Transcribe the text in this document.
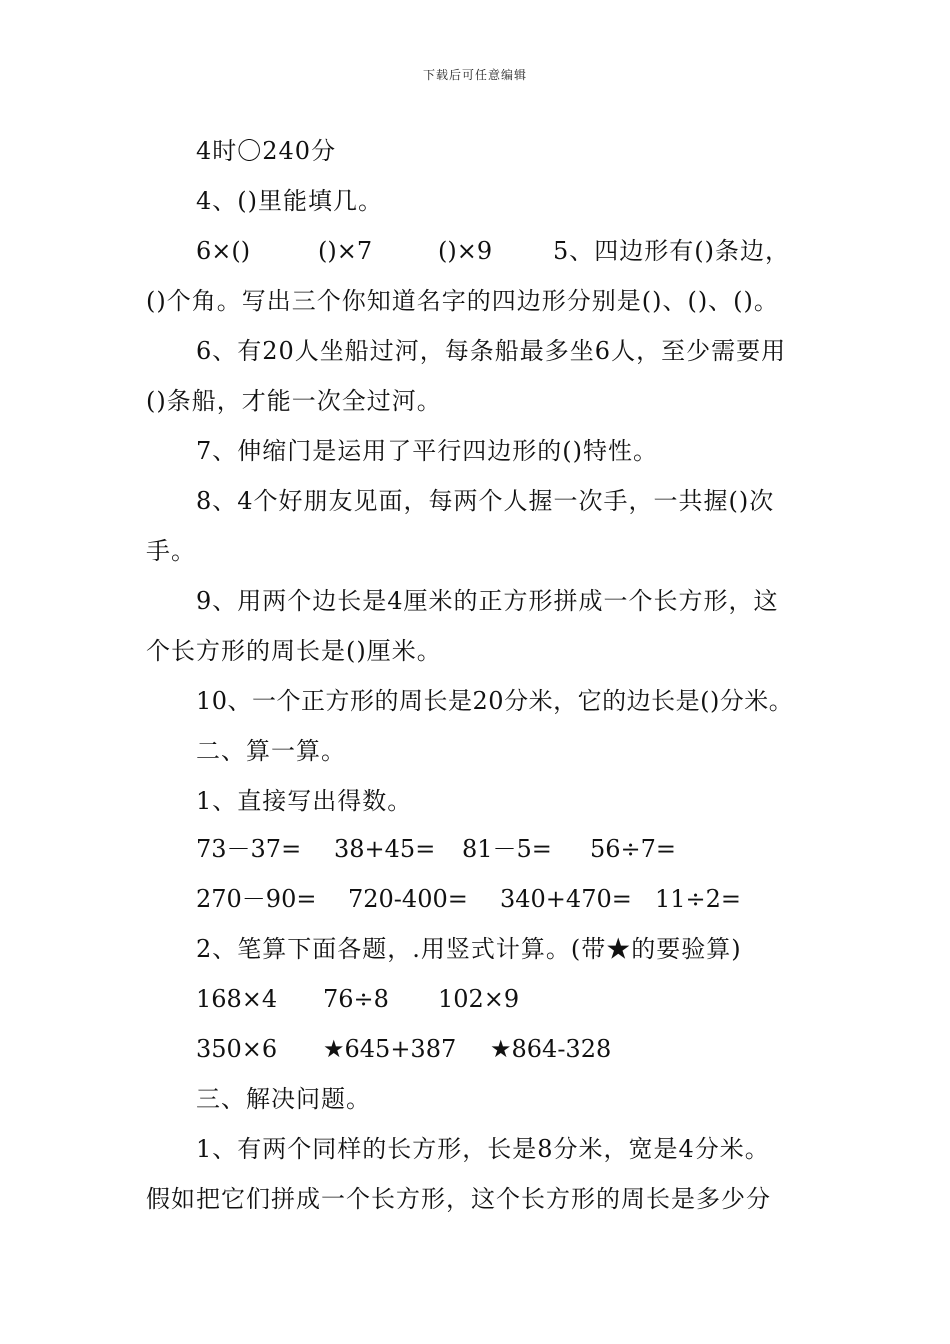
下载后可任意编辑
4时〇240分
4、()里能填几。
6×()	()×7	()×9	5、四边形有()条边，
()个角。写出三个你知道名字的四边形分别是()、()、()。
6、有20人坐船过河，每条船最多坐6人，至少需要用
()条船，才能一次全过河。
7、伸缩门是运用了平行四边形的()特性。
8、4个好朋友见面，每两个人握一次手，一共握()次
手。
9、用两个边长是4厘米的正方形拼成一个长方形，这
个长方形的周长是()厘米。
10、一个正方形的周长是20分米，它的边长是()分米。
二、算一算。
1、直接写出得数。
73－37= 38+45= 81－5= 56÷7=
270－90= 720-400= 340+470= 11÷2=
2、笔算下面各题，.用竖式计算。(带★的要验算)
168×4 76÷8 102×9
350×6 ★645+387 ★864-328
三、解决问题。
1、有两个同样的长方形，长是8分米，宽是4分米。
假如把它们拼成一个长方形，这个长方形的周长是多少分
